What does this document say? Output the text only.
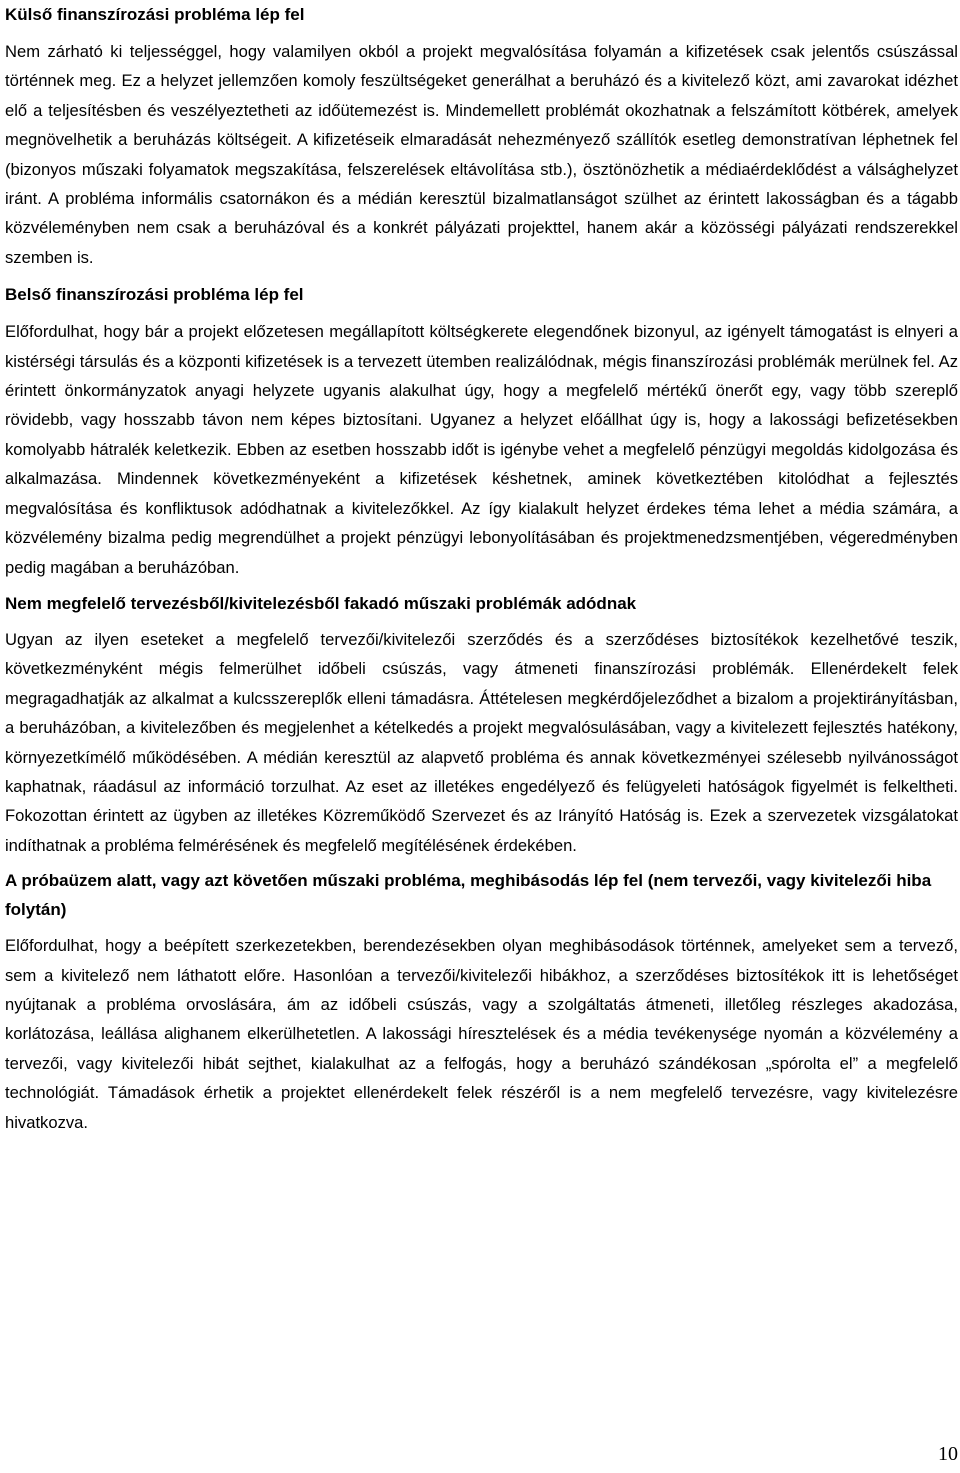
Külső finanszírozási probléma lép fel

Nem zárható ki teljességgel, hogy valamilyen okból a projekt megvalósítása folyamán a kifizetések csak jelentős csúszással történnek meg. Ez a helyzet jellemzően komoly feszültségeket generálhat a beruházó és a kivitelező közt, ami zavarokat idézhet elő a teljesítésben és veszélyeztetheti az időütemezést is. Mindemellett problémát okozhatnak a felszámított kötbérek, amelyek megnövelhetik a beruházás költségeit. A kifizetéseik elmaradását nehezményező szállítók esetleg demonstratívan léphetnek fel (bizonyos műszaki folyamatok megszakítása, felszerelések eltávolítása stb.), ösztönözhetik a médiaérdeklődést a válsághelyzet iránt. A probléma informális csatornákon és a médián keresztül bizalmatlanságot szülhet az érintett lakosságban és a tágabb közvéleményben nem csak a beruházóval és a konkrét pályázati projekttel, hanem akár a közösségi pályázati rendszerekkel szemben is.

Belső finanszírozási probléma lép fel

Előfordulhat, hogy bár a projekt előzetesen megállapított költségkerete elegendőnek bizonyul, az igényelt támogatást is elnyeri a kistérségi társulás és a központi kifizetések is a tervezett ütemben realizálódnak, mégis finanszírozási problémák merülnek fel. Az érintett önkormányzatok anyagi helyzete ugyanis alakulhat úgy, hogy a megfelelő mértékű önerőt egy, vagy több szereplő rövidebb, vagy hosszabb távon nem képes biztosítani. Ugyanez a helyzet előállhat úgy is, hogy a lakossági befizetésekben komolyabb hátralék keletkezik. Ebben az esetben hosszabb időt is igénybe vehet a megfelelő pénzügyi megoldás kidolgozása és alkalmazása. Mindennek következményeként a kifizetések késhetnek, aminek következtében kitolódhat a fejlesztés megvalósítása és konfliktusok adódhatnak a kivitelezőkkel. Az így kialakult helyzet érdekes téma lehet a média számára, a közvélemény bizalma pedig megrendülhet a projekt pénzügyi lebonyolításában és projektmenedzsmentjében, végeredményben pedig magában a beruházóban.

Nem megfelelő tervezésből/kivitelezésből fakadó műszaki problémák adódnak

Ugyan az ilyen eseteket a megfelelő tervezői/kivitelezői szerződés és a szerződéses biztosítékok kezelhetővé teszik, következményként mégis felmerülhet időbeli csúszás, vagy átmeneti finanszírozási problémák. Ellenérdekelt felek megragadhatják az alkalmat a kulcsszereplők elleni támadásra. Áttételesen megkérdőjeleződhet a bizalom a projektirányításban, a beruházóban, a kivitelezőben és megjelenhet a kételkedés a projekt megvalósulásában, vagy a kivitelezett fejlesztés hatékony, környezetkímélő működésében. A médián keresztül az alapvető probléma és annak következményei szélesebb nyilvánosságot kaphatnak, ráadásul az információ torzulhat. Az eset az illetékes engedélyező és felügyeleti hatóságok figyelmét is felkeltheti. Fokozottan érintett az ügyben az illetékes Közreműködő Szervezet és az Irányító Hatóság is. Ezek a szervezetek vizsgálatokat indíthatnak a probléma felmérésének és megfelelő megítélésének érdekében.

A próbaüzem alatt, vagy azt követően műszaki probléma, meghibásodás lép fel (nem tervezői, vagy kivitelezői hiba folytán)

Előfordulhat, hogy a beépített szerkezetekben, berendezésekben olyan meghibásodások történnek, amelyeket sem a tervező, sem a kivitelező nem láthatott előre. Hasonlóan a tervezői/kivitelezői hibákhoz, a szerződéses biztosítékok itt is lehetőséget nyújtanak a probléma orvoslására, ám az időbeli csúszás, vagy a szolgáltatás átmeneti, illetőleg részleges akadozása, korlátozása, leállása alighanem elkerülhetetlen. A lakossági híresztelések és a média tevékenysége nyomán a közvélemény a tervezői, vagy kivitelezői hibát sejthet, kialakulhat az a felfogás, hogy a beruházó szándékosan „spórolta el” a megfelelő technológiát. Támadások érhetik a projektet ellenérdekelt felek részéről is a nem megfelelő tervezésre, vagy kivitelezésre hivatkozva.

10
